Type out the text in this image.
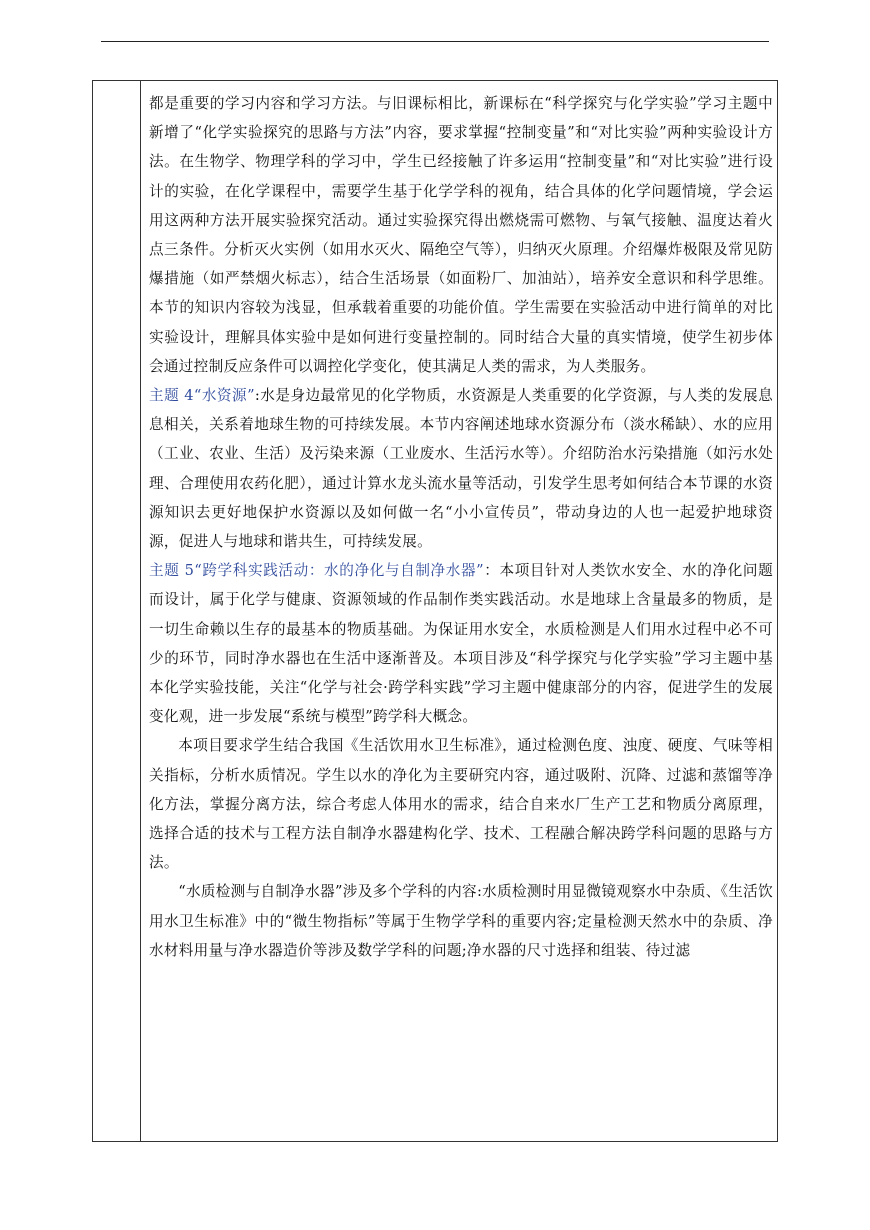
都是重要的学习内容和学习方法。与旧课标相比，新课标在“科学探究与化学实验”学习主题中新增了“化学实验探究的思路与方法”内容，要求掌握“控制变量”和“对比实验”两种实验设计方法。在生物学、物理学科的学习中，学生已经接触了许多运用“控制变量”和“对比实验”进行设计的实验，在化学课程中，需要学生基于化学学科的视角，结合具体的化学问题情境，学会运用这两种方法开展实验探究活动。通过实验探究得出燃烧需可燃物、与氧气接触、温度达着火点三条件。分析灭火实例（如用水灭火、隔绝空气等），归纳灭火原理。介绍爆炸极限及常见防爆措施（如严禁烟火标志），结合生活场景（如面粉厂、加油站），培养安全意识和科学思维。本节的知识内容较为浅显，但承载着重要的功能价值。学生需要在实验活动中进行简单的对比实验设计，理解具体实验中是如何进行变量控制的。同时结合大量的真实情境，使学生初步体会通过控制反应条件可以调控化学变化，使其满足人类的需求，为人类服务。

主题 4“水资源”:水是身边最常见的化学物质，水资源是人类重要的化学资源，与人类的发展息息相关，关系着地球生物的可持续发展。本节内容阐述地球水资源分布（淡水稀缺）、水的应用（工业、农业、生活）及污染来源（工业废水、生活污水等）。介绍防治水污染措施（如污水处理、合理使用农药化肥），通过计算水龙头流水量等活动，引发学生思考如何结合本节课的水资源知识去更好地保护水资源以及如何做一名“小小宣传员”，带动身边的人也一起爱护地球资源，促进人与地球和谐共生，可持续发展。

主题 5“跨学科实践活动：水的净化与自制净水器”：本项目针对人类饮水安全、水的净化问题而设计，属于化学与健康、资源领域的作品制作类实践活动。水是地球上含量最多的物质，是一切生命赖以生存的最基本的物质基础。为保证用水安全，水质检测是人们用水过程中必不可少的环节，同时净水器也在生活中逐渐普及。本项目涉及“科学探究与化学实验”学习主题中基本化学实验技能，关注“化学与社会·跨学科实践”学习主题中健康部分的内容，促进学生的发展变化观，进一步发展“系统与模型”跨学科大概念。

本项目要求学生结合我国《生活饮用水卫生标准》，通过检测色度、浊度、硬度、气味等相关指标，分析水质情况。学生以水的净化为主要研究内容，通过吸附、沉降、过滤和蒸馏等净化方法，掌握分离方法，综合考虑人体用水的需求，结合自来水厂生产工艺和物质分离原理，选择合适的技术与工程方法自制净水器建构化学、技术、工程融合解决跨学科问题的思路与方法。

“水质检测与自制净水器”涉及多个学科的内容:水质检测时用显微镜观察水中杂质、《生活饮用水卫生标准》中的“微生物指标”等属于生物学学科的重要内容;定量检测天然水中的杂质、净水材料用量与净水器造价等涉及数学学科的问题;净水器的尺寸选择和组装、待过滤
